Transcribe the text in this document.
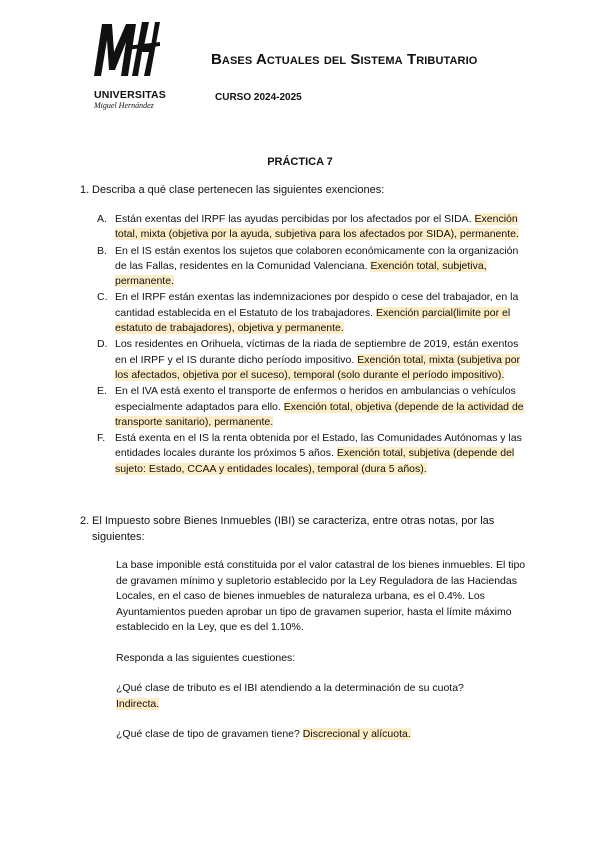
UNIVERSITAS
Miguel Hernández
Bases Actuales del Sistema Tributario
CURSO 2024-2025
PRÁCTICA 7
1. Describa a qué clase pertenecen las siguientes exenciones:
A. Están exentas del IRPF las ayudas percibidas por los afectados por el SIDA. Exención total, mixta (objetiva por la ayuda, subjetiva para los afectados por SIDA), permanente.
B. En el IS están exentos los sujetos que colaboren económicamente con la organización de las Fallas, residentes en la Comunidad Valenciana. Exención total, subjetiva, permanente.
C. En el IRPF están exentas las indemnizaciones por despido o cese del trabajador, en la cantidad establecida en el Estatuto de los trabajadores. Exención parcial(limite por el estatuto de trabajadores), objetiva y permanente.
D. Los residentes en Orihuela, víctimas de la riada de septiembre de 2019, están exentos en el IRPF y el IS durante dicho período impositivo. Exención total, mixta (subjetiva por los afectados, objetiva por el suceso), temporal (solo durante el período impositivo).
E. En el IVA está exento el transporte de enfermos o heridos en ambulancias o vehículos especialmente adaptados para ello. Exención total, objetiva (depende de la actividad de transporte sanitario), permanente.
F. Está exenta en el IS la renta obtenida por el Estado, las Comunidades Autónomas y las entidades locales durante los próximos 5 años. Exención total, subjetiva (depende del sujeto: Estado, CCAA y entidades locales), temporal (dura 5 años).
2. El Impuesto sobre Bienes Inmuebles (IBI) se caracteriza, entre otras notas, por las siguientes:

La base imponible está constituida por el valor catastral de los bienes inmuebles. El tipo de gravamen mínimo y supletorio establecido por la Ley Reguladora de las Haciendas Locales, en el caso de bienes inmuebles de naturaleza urbana, es el 0.4%. Los Ayuntamientos pueden aprobar un tipo de gravamen superior, hasta el límite máximo establecido en la Ley, que es del 1.10%.

Responda a las siguientes cuestiones:

¿Qué clase de tributo es el IBI atendiendo a la determinación de su cuota?
Indirecta.

¿Qué clase de tipo de gravamen tiene? Discrecional y alícuota.
